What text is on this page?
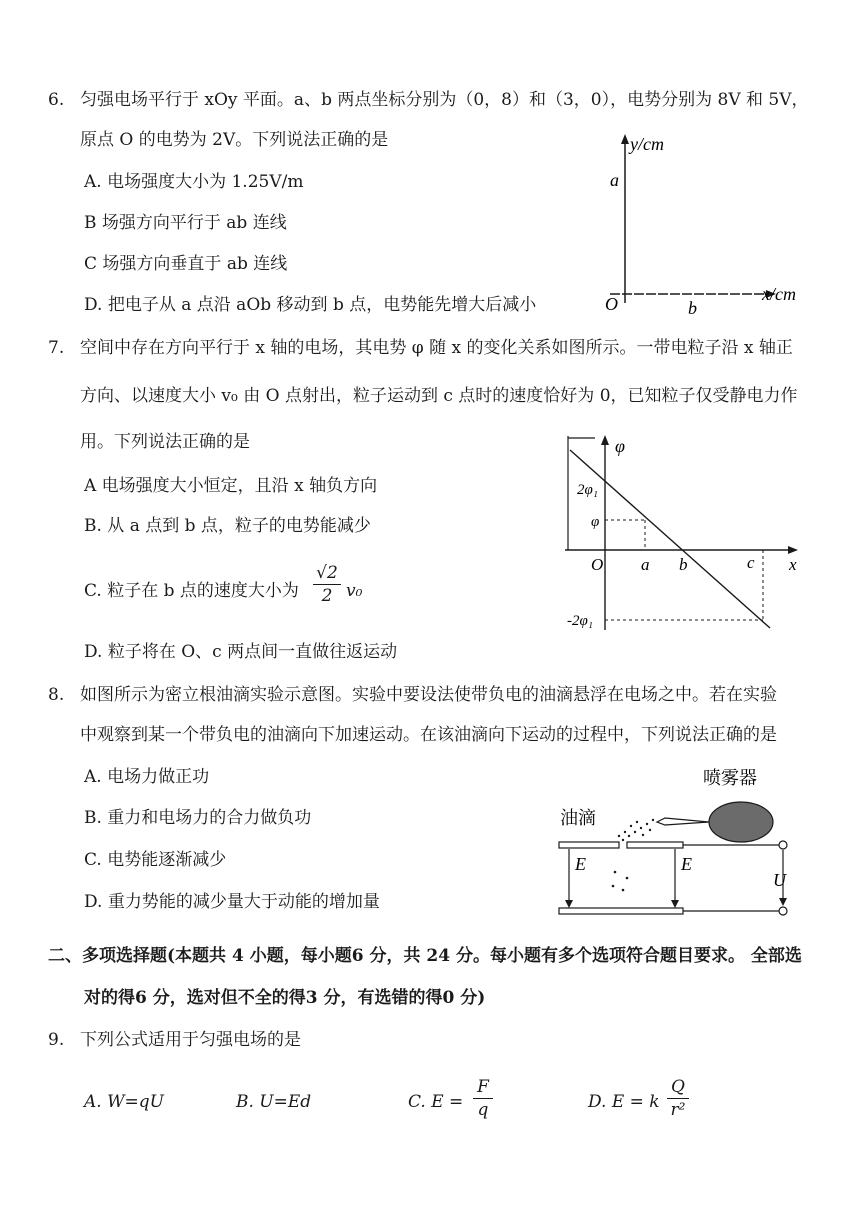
6. 匀强电场平行于 xOy 平面。a、b 两点坐标分别为（0，8）和（3，0），电势分别为 8V 和 5V，
原点 O 的电势为 2V。下列说法正确的是
A. 电场强度大小为 1.25V/m
B 场强方向平行于 ab 连线
C 场强方向垂直于 ab 连线
D. 把电子从 a 点沿 aOb 移动到 b 点，电势能先增大后减小
y/cm
x/cm
O
a
b
7. 空间中存在方向平行于 x 轴的电场，其电势 φ 随 x 的变化关系如图所示。一带电粒子沿 x 轴正
方向、以速度大小 v₀ 由 O 点射出，粒子运动到 c 点时的速度恰好为 0，已知粒子仅受静电力作
用。下列说法正确的是
A 电场强度大小恒定，且沿 x 轴负方向
B. 从 a 点到 b 点，粒子的电势能减少
C. 粒子在 b 点的速度大小为
√2
2 v₀
D. 粒子将在 O、c 两点间一直做往返运动
φ
x
O
2φ₁
φ
-2φ₁
a b	c
8. 如图所示为密立根油滴实验示意图。实验中要设法使带负电的油滴悬浮在电场之中。若在实验
中观察到某一个带负电的油滴向下加速运动。在该油滴向下运动的过程中，下列说法正确的是
A. 电场力做正功
B. 重力和电场力的合力做负功
C. 电势能逐渐减少
D. 重力势能的减少量大于动能的增加量
喷雾器
油滴
E	E
U
二、多项选择题(本题共 4 小题，每小题6 分，共 24 分。每小题有多个选项符合题目要求。 全部选
对的得6 分，选对但不全的得3 分，有选错的得0 分)
9. 下列公式适用于匀强电场的是
A. W=qU	B. U=Ed	C. E =
F
q	D. E = k
Q
r²
